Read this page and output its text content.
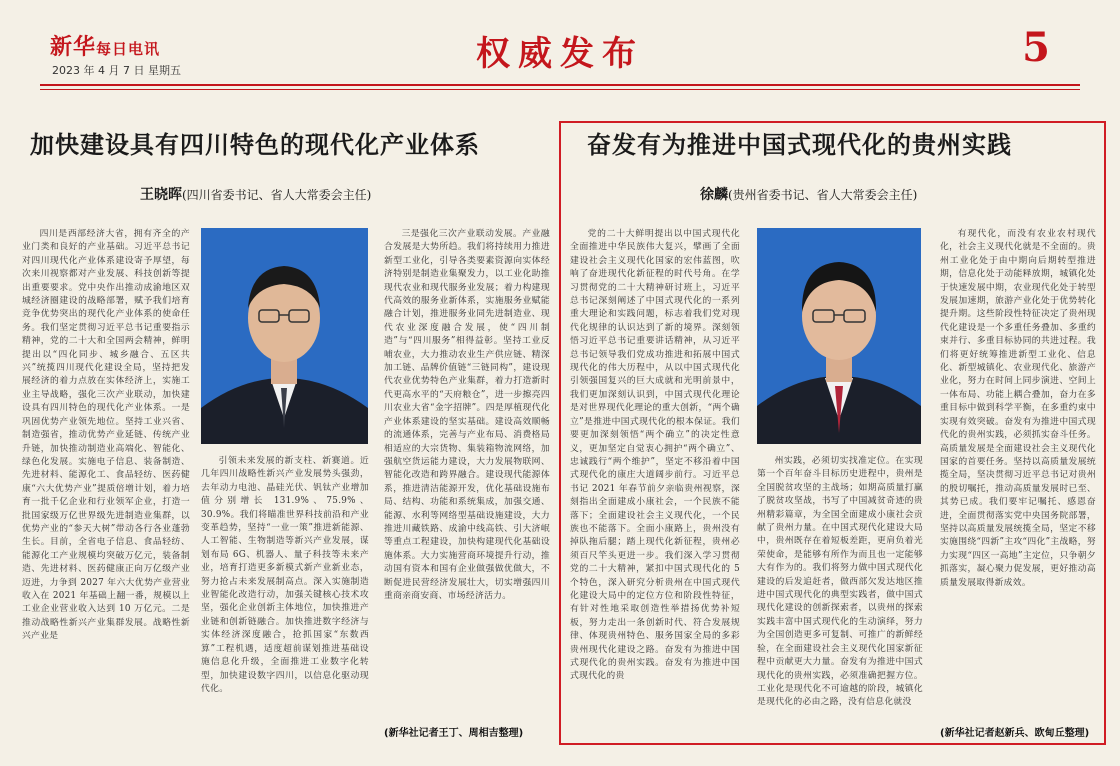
新华每日电讯
2023 年 4 月 7 日 星期五	权威发布	5
加快建设具有四川特色的现代化产业体系
王晓晖(四川省委书记、省人大常委会主任)

四川是西部经济大省，拥有齐全的产业门类和良好的产业基础。习近平总书记对四川现代化产业体系建设寄予厚望，每次来川视察都对产业发展、科技创新等提出重要要求。党中央作出推动成渝地区双城经济圈建设的战略部署，赋予我们培育竞争优势突出的现代化产业体系的使命任务。我们坚定贯彻习近平总书记重要指示精神，党的二十大和全国两会精神，鲜明提出以“四化同步、城乡融合、五区共兴”统揽四川现代化建设全局，坚持把发展经济的着力点放在实体经济上，实施工业主导战略，强化三次产业联动，加快建设具有四川特色的现代化产业体系。一是巩固优势产业领先地位。坚持工业兴省、制造强省，推动优势产业延链、传统产业升链，加快推动制造业高端化、智能化、绿色化发展。实施电子信息、装备制造、先进材料、能源化工、食品轻纺、医药健康“六大优势产业”提质倍增计划，着力培育一批千亿企业和行业领军企业，打造一批国家级万亿世界级先进制造业集群，以优势产业的“参天大树”带动各行各业蓬勃生长。目前，全省电子信息、食品轻纺、能源化工产业规模均突破万亿元，装备制造、先进材料、医药健康正向万亿级产业迈进，力争到 2027 年六大优势产业营业收入在 2021 年基础上翻一番，规模以上工业企业营业收入达到 10 万亿元。二是推动战略性新兴产业集群发展。战略性新兴产业是

引领未来发展的新支柱、新赛道。近几年四川战略性新兴产业发展势头强劲，去年动力电池、晶硅光伏、钒钛产业增加值分别增长 131.9%、75.9%、30.9%。我们将瞄准世界科技前沿和产业变革趋势，坚持“一业一策”推进新能源、人工智能、生物制造等新兴产业发展，谋划布局 6G、机器人、量子科技等未来产业，培育打造更多新模式新产业新业态，努力抢占未来发展制高点。深入实施制造业智能化改造行动，加强关键核心技术攻坚，强化企业创新主体地位，加快推进产业链和创新链融合。加快推进数字经济与实体经济深度融合，抢抓国家“东数西算”工程机遇，适度超前谋划推进基础设施信息化升级，全面推进工业数字化转型，加快建设数字四川，以信息化驱动现代化。

三是强化三次产业联动发展。产业融合发展是大势所趋。我们将持续用力推进新型工业化，引导各类要素资源向实体经济特别是制造业集聚发力，以工业化助推现代农业和现代服务业发展；着力构建现代高效的服务业新体系，实施服务业赋能融合计划，推进服务业同先进制造业、现代农业深度融合发展，使“四川制造”与“四川服务”相得益彰。坚持工业反哺农业，大力推动农业生产供应链、精深加工链、品牌价值链“三链同构”，建设现代农业优势特色产业集群，着力打造新时代更高水平的“天府粮仓”，进一步擦亮四川农业大省“金字招牌”。四是厚植现代化产业体系建设的坚实基础。建设高效顺畅的流通体系，完善与产业布局、消费格局相适应的大宗货物、集装箱物流网络，加强航空货运能力建设，大力发展物联网、智能化改造和跨界融合。建设现代能源体系，推进清洁能源开发，优化基础设施布局、结构、功能和系统集成，加强交通、能源、水利等网络型基础设施建设，大力推进川藏铁路、成渝中线高铁、引大济岷等重点工程建设，加快构建现代化基础设施体系。大力实施营商环境提升行动，推动国有资本和国有企业做强做优做大，不断促进民营经济发展壮大，切实增强四川重商亲商安商、市场经济活力。

(新华社记者王丁、周相吉整理)
奋发有为推进中国式现代化的贵州实践
徐麟(贵州省委书记、省人大常委会主任)

党的二十大鲜明提出以中国式现代化全面推进中华民族伟大复兴，擘画了全面建设社会主义现代化国家的宏伟蓝图，吹响了奋进现代化新征程的时代号角。在学习贯彻党的二十大精神研讨班上，习近平总书记深刻阐述了中国式现代化的一系列重大理论和实践问题，标志着我们党对现代化规律的认识达到了新的境界。深刻领悟习近平总书记重要讲话精神，从习近平总书记领导我们党成功推进和拓展中国式现代化的伟大历程中，从以中国式现代化引领强国复兴的巨大成就和光明前景中，我们更加深刻认识到，中国式现代化理论是对世界现代化理论的重大创新，“两个确立”是推进中国式现代化的根本保证。我们要更加深刻领悟“两个确立”的决定性意义，更加坚定自觉衷心拥护“两个确立”、忠诚践行“两个维护”，坚定不移沿着中国式现代化的康庄大道阔步前行。习近平总书记 2021 年春节前夕亲临贵州视察，深刻指出全面建成小康社会，一个民族不能落下；全面建设社会主义现代化，一个民族也不能落下。全面小康路上，贵州没有掉队拖后腿；踏上现代化新征程，贵州必须百尺竿头更进一步。我们深入学习贯彻党的二十大精神，紧扣中国式现代化的 5 个特色，深入研究分析贵州在中国式现代化建设大局中的定位方位和阶段性特征，有针对性地采取创造性举措扬优势补短板，努力走出一条创新时代、符合发展规律、体现贵州特色、服务国家全局的多彩贵州现代化建设之路。奋发有为推进中国式现代化的贵州实践。奋发有为推进中国式现代化的贵

州实践，必须切实找准定位。在实现第一个百年奋斗目标历史进程中，贵州是全国脱贫攻坚的主战场；如期高质量打赢了脱贫攻坚战，书写了中国减贫奇迹的贵州精彩篇章，为全国全面建成小康社会贡献了贵州力量。在中国式现代化建设大局中，贵州既存在着短板差距，更肩负着光荣使命，是能够有所作为而且也一定能够大有作为的。我们将努力做中国式现代化建设的后发追赶者，做西部欠发达地区推进中国式现代化的典型实践者，做中国式现代化建设的创新探索者，以贵州的探索实践丰富中国式现代化的生动演绎，努力为全国创造更多可复制、可推广的新鲜经验，在全面建设社会主义现代化国家新征程中贡献更大力量。奋发有为推进中国式现代化的贵州实践，必须准确把握方位。工业化是现代化不可逾越的阶段，城镇化是现代化的必由之路，没有信息化就没

有现代化，而没有农业农村现代化，社会主义现代化就是不全面的。贵州工业化处于由中期向后期转型推进期，信息化处于动能释放期，城镇化处于快速发展中期，农业现代化处于转型发展加速期，旅游产业化处于优势转化提升期。这些阶段性特征决定了贵州现代化建设是一个多重任务叠加、多重约束并行、多重目标协同的共进过程。我们将更好统筹推进新型工业化、信息化、新型城镇化、农业现代化、旅游产业化，努力在时间上同步演进、空间上一体布局、功能上耦合叠加，奋力在多重目标中做到科学平衡，在多重约束中实现有效突破。奋发有为推进中国式现代化的贵州实践，必须抓实奋斗任务。高质量发展是全面建设社会主义现代化国家的首要任务。坚持以高质量发展统揽全局，坚决贯彻习近平总书记对贵州的殷切嘱托，推动高质量发展时已至、其势已成。我们要牢记嘱托、感恩奋进，全面贯彻落实党中央国务院部署，坚持以高质量发展统揽全局，坚定不移实施围绕“四新”主攻“四化”主战略，努力实现“四区一高地”主定位，只争朝夕抓落实，凝心聚力促发展，更好推动高质量发展取得新成效。

(新华社记者赵新兵、欧甸丘整理)
